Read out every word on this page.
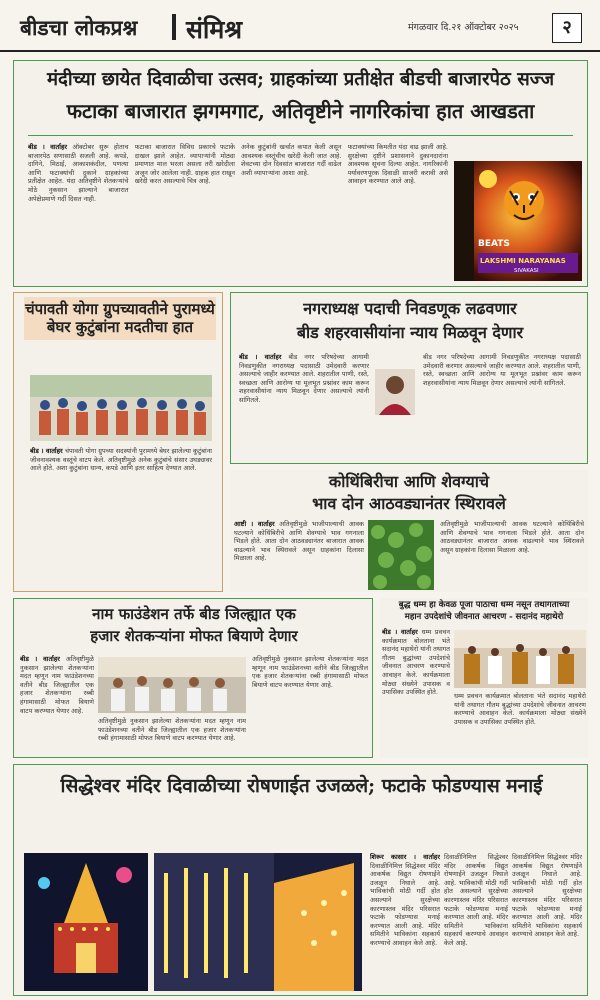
बीडचा लोकप्रश्न संमिश्र	मंगळवार दि.२१ ऑक्टोबर २०२५	२
मंदीच्या छायेत दिवाळीचा उत्सव; ग्राहकांच्या प्रतीक्षेत बीडची बाजारपेठ सज्ज
फटाका बाजारात झगमगाट, अतिवृष्टीने नागरिकांचा हात आखडता
बीड । वार्ताहर ऑक्टोबर सुरू होताच बाजारपेठ सणासाठी सजली आहे. कपडे, दागिने, मिठाई, आकाशकंदील, पणत्या आणि फटाक्यांची दुकाने ग्राहकांच्या प्रतीक्षेत आहेत. यंदा अतिवृष्टीने शेतकऱ्यांचे मोठे नुकसान झाल्याने बाजारात अपेक्षेप्रमाणे गर्दी दिसत नाही.
फटाका बाजारात विविध प्रकारचे फटाके दाखल झाले आहेत. व्यापाऱ्यांनी मोठ्या प्रमाणात माल भरला असला तरी खरेदीला अजून जोर आलेला नाही. ग्राहक हात राखून खरेदी करत असल्याचे चित्र आहे.
अनेक कुटुंबांनी खर्चात कपात केली असून आवश्यक वस्तूंचीच खरेदी केली जात आहे. शेवटच्या दोन दिवसांत बाजारात गर्दी वाढेल अशी व्यापाऱ्यांना आशा आहे.
फटाक्यांच्या किमतीत यंदा वाढ झाली आहे. सुरक्षेच्या दृष्टीने प्रशासनाने दुकानदारांना आवश्यक सूचना दिल्या आहेत. नागरिकांनी पर्यावरणपूरक दिवाळी साजरी करावी असे आवाहन करण्यात आले आहे.
BEATS
LAKSHMI NARAYANAS
SIVAKASI
चंपावती योगा ग्रुपच्यावतीने पुरामध्ये बेघर कुटुंबांना मदतीचा हात
बीड । वार्ताहर चंपावती योगा ग्रुपच्या सदस्यांनी पुरामध्ये बेघर झालेल्या कुटुंबांना जीवनावश्यक वस्तूंचे वाटप केले. अतिवृष्टीमुळे अनेक कुटुंबांचे संसार उघड्यावर आले होते. अशा कुटुंबांना धान्य, कपडे आणि इतर साहित्य देण्यात आले.
नगराध्यक्ष पदाची निवडणूक लढवणार
बीड शहरवासीयांना न्याय मिळवून देणार
बीड । वार्ताहर बीड नगर परिषदेच्या आगामी निवडणुकीत नगराध्यक्ष पदासाठी उमेदवारी करणार असल्याचे जाहीर करण्यात आले. शहरातील पाणी, रस्ते, स्वच्छता आणि आरोग्य या मूलभूत प्रश्नांवर काम करून शहरवासीयांना न्याय मिळवून देणार असल्याचे त्यांनी सांगितले.
बीड नगर परिषदेच्या आगामी निवडणुकीत नगराध्यक्ष पदासाठी उमेदवारी करणार असल्याचे जाहीर करण्यात आले. शहरातील पाणी, रस्ते, स्वच्छता आणि आरोग्य या मूलभूत प्रश्नांवर काम करून शहरवासीयांना न्याय मिळवून देणार असल्याचे त्यांनी सांगितले.
कोथिंबिरीचा आणि शेवग्याचे
भाव दोन आठवड्यानंतर स्थिरावले
आष्टी । वार्ताहर अतिवृष्टीमुळे भाजीपाल्याची आवक घटल्याने कोथिंबिरीचे आणि शेवग्याचे भाव गगनाला भिडले होते. आता दोन आठवड्यानंतर बाजारात आवक वाढल्याने भाव स्थिरावले असून ग्राहकांना दिलासा मिळाला आहे.
अतिवृष्टीमुळे भाजीपाल्याची आवक घटल्याने कोथिंबिरीचे आणि शेवग्याचे भाव गगनाला भिडले होते. आता दोन आठवड्यानंतर बाजारात आवक वाढल्याने भाव स्थिरावले असून ग्राहकांना दिलासा मिळाला आहे.
नाम फाउंडेशन तर्फे बीड जिल्ह्यात एक
हजार शेतकऱ्यांना मोफत बियाणे देणार
बीड । वार्ताहर अतिवृष्टीमुळे नुकसान झालेल्या शेतकऱ्यांना मदत म्हणून नाम फाउंडेशनच्या वतीने बीड जिल्ह्यातील एक हजार शेतकऱ्यांना रब्बी हंगामासाठी मोफत बियाणे वाटप करण्यात येणार आहे.
अतिवृष्टीमुळे नुकसान झालेल्या शेतकऱ्यांना मदत म्हणून नाम फाउंडेशनच्या वतीने बीड जिल्ह्यातील एक हजार शेतकऱ्यांना रब्बी हंगामासाठी मोफत बियाणे वाटप करण्यात येणार आहे.
अतिवृष्टीमुळे नुकसान झालेल्या शेतकऱ्यांना मदत म्हणून नाम फाउंडेशनच्या वतीने बीड जिल्ह्यातील एक हजार शेतकऱ्यांना रब्बी हंगामासाठी मोफत बियाणे वाटप करण्यात येणार आहे.
बुद्ध धम्म हा केवळ पूजा पाठाचा धम्म नसून तथागताच्या
महान उपदेशांचे जीवनात आचरण - सदानंद महाथेरो
बीड । वार्ताहर धम्म प्रवचन कार्यक्रमात बोलताना भंते सदानंद महाथेरो यांनी तथागत गौतम बुद्धांच्या उपदेशांचे जीवनात आचरण करण्याचे आवाहन केले. कार्यक्रमाला मोठ्या संख्येने उपासक व उपासिका उपस्थित होते.	धम्म प्रवचन कार्यक्रमात बोलताना भंते सदानंद महाथेरो यांनी तथागत गौतम बुद्धांच्या उपदेशांचे जीवनात आचरण करण्याचे आवाहन केले. कार्यक्रमाला मोठ्या संख्येने उपासक व उपासिका उपस्थित होते.
सिद्धेश्वर मंदिर दिवाळीच्या रोषणाईत उजळले; फटाके फोडण्यास मनाई
शिरूर कासार । वार्ताहर दिवाळीनिमित्त सिद्धेश्वर मंदिर आकर्षक विद्युत रोषणाईने उजळून निघाले आहे. भाविकांची मोठी गर्दी होत असल्याने सुरक्षेच्या कारणास्तव मंदिर परिसरात फटाके फोडण्यास मनाई करण्यात आली आहे. मंदिर समितीने भाविकांना सहकार्य करण्याचे आवाहन केले आहे.
दिवाळीनिमित्त सिद्धेश्वर मंदिर आकर्षक विद्युत रोषणाईने उजळून निघाले आहे. भाविकांची मोठी गर्दी होत असल्याने सुरक्षेच्या कारणास्तव मंदिर परिसरात फटाके फोडण्यास मनाई करण्यात आली आहे. मंदिर समितीने भाविकांना सहकार्य करण्याचे आवाहन केले आहे.
दिवाळीनिमित्त सिद्धेश्वर मंदिर आकर्षक विद्युत रोषणाईने उजळून निघाले आहे. भाविकांची मोठी गर्दी होत असल्याने सुरक्षेच्या कारणास्तव मंदिर परिसरात फटाके फोडण्यास मनाई करण्यात आली आहे. मंदिर समितीने भाविकांना सहकार्य करण्याचे आवाहन केले आहे.
